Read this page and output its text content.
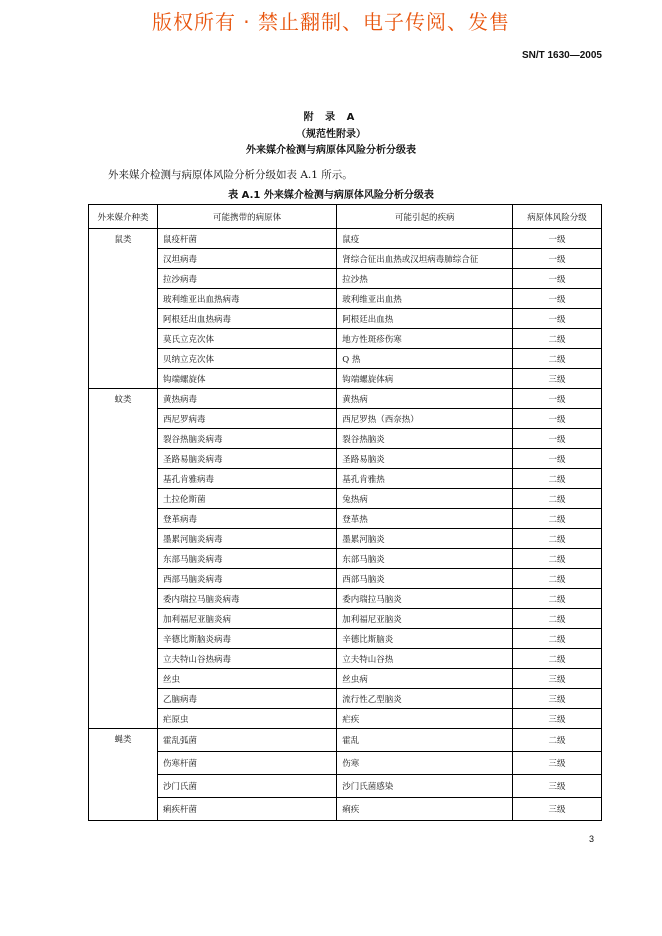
版权所有 · 禁止翻制、电子传阅、发售
SN/T 1630—2005
附 录 A
（规范性附录）
外来媒介检测与病原体风险分析分级表
外来媒介检测与病原体风险分析分级如表 A.1 所示。
表 A.1 外来媒介检测与病原体风险分析分级表
外来媒介种类	可能携带的病原体	可能引起的疾病	病原体风险分级
鼠类	鼠疫杆菌	鼠疫	一级
	汉坦病毒	肾综合征出血热或汉坦病毒肺综合征	一级
	拉沙病毒	拉沙热	一级
	玻利维亚出血热病毒	玻利维亚出血热	一级
	阿根廷出血热病毒	阿根廷出血热	一级
	莫氏立克次体	地方性斑疹伤寒	二级
	贝纳立克次体	Q 热	二级
	钩端螺旋体	钩端螺旋体病	三级
蚊类	黄热病毒	黄热病	一级
	西尼罗病毒	西尼罗热（西奈热）	一级
	裂谷热脑炎病毒	裂谷热脑炎	一级
	圣路易脑炎病毒	圣路易脑炎	一级
	基孔肯雅病毒	基孔肯雅热	二级
	土拉伦斯菌	兔热病	二级
	登革病毒	登革热	二级
	墨累河脑炎病毒	墨累河脑炎	二级
	东部马脑炎病毒	东部马脑炎	二级
	西部马脑炎病毒	西部马脑炎	二级
	委内瑞拉马脑炎病毒	委内瑞拉马脑炎	二级
	加利福尼亚脑炎病	加利福尼亚脑炎	二级
	辛德比斯脑炎病毒	辛德比斯脑炎	二级
	立夫特山谷热病毒	立夫特山谷热	二级
	丝虫	丝虫病	三级
	乙脑病毒	流行性乙型脑炎	三级
	疟原虫	疟疾	三级
蝇类	霍乱弧菌	霍乱	二级
	伤寒杆菌	伤寒	三级
	沙门氏菌	沙门氏菌感染	三级
	痢疾杆菌	痢疾	三级
3
